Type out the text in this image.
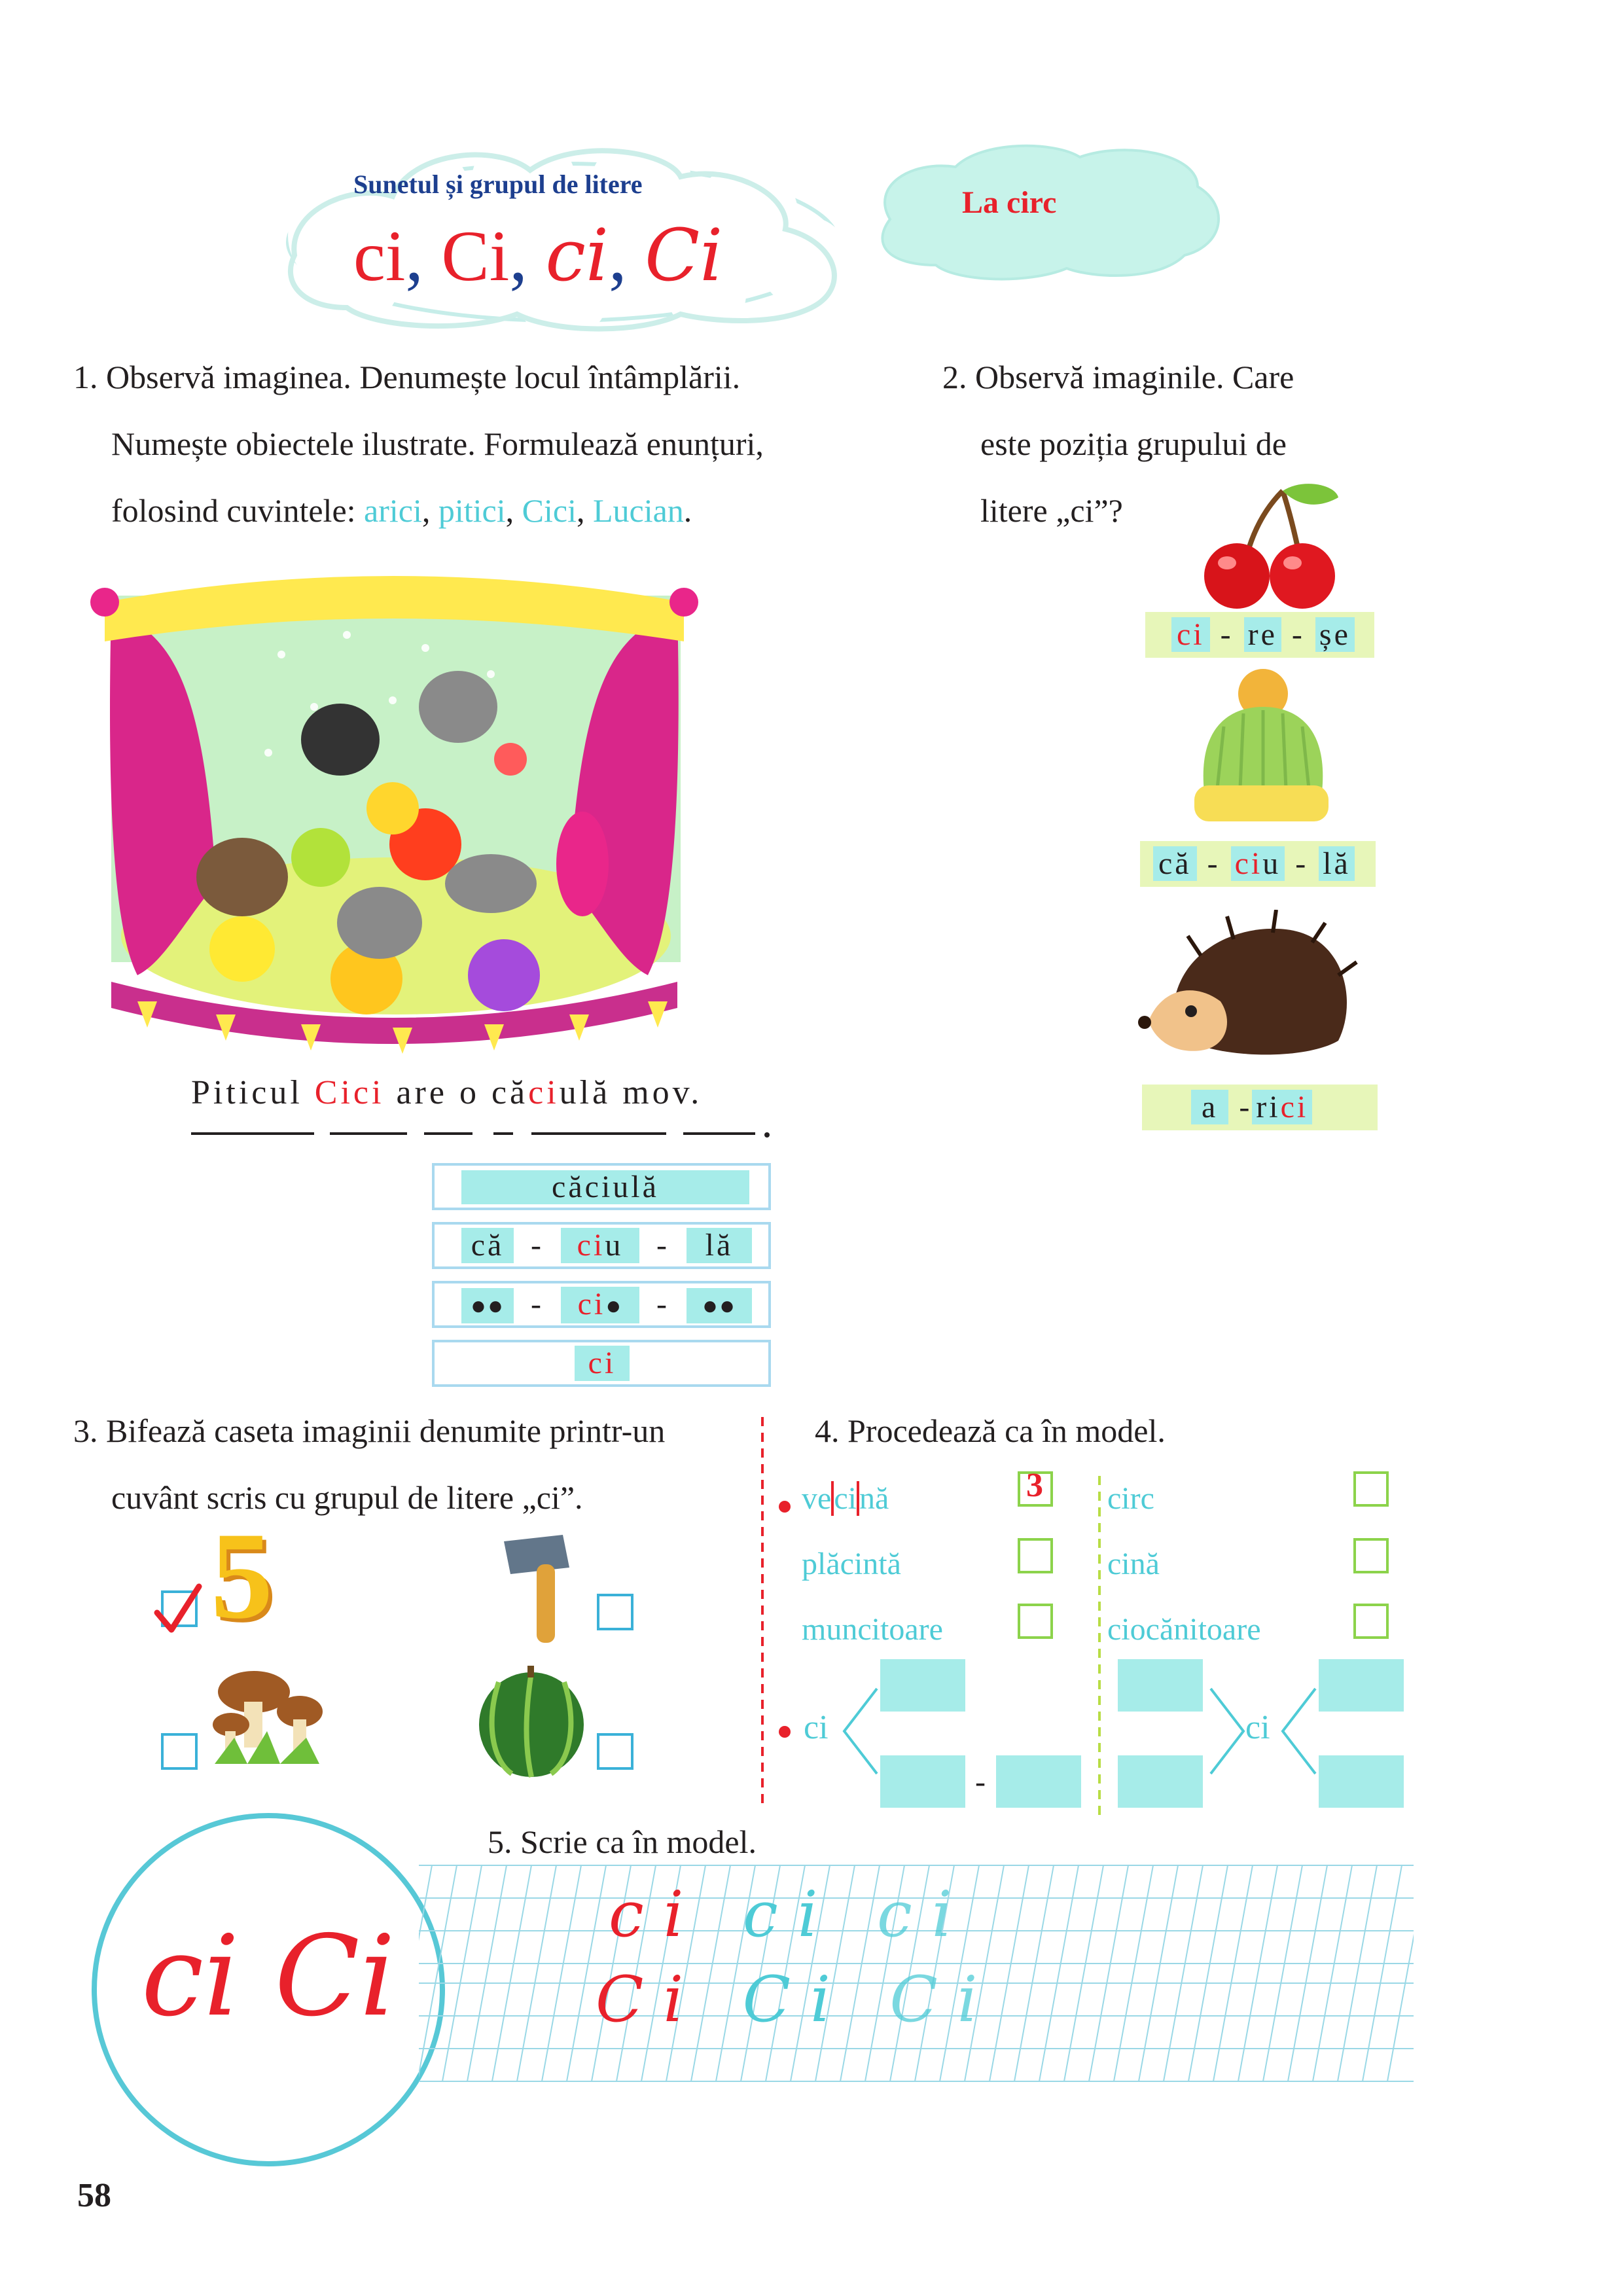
Sunetul și grupul de litere
ci, Ci, ci, Ci
La circ
1. Observă imaginea. Denumește locul întâmplării.
Numește obiectele ilustrate. Formulează enunțuri,
folosind cuvintele: arici, pitici, Cici, Lucian.
Piticul Cici are o căciulă mov.
căciulă
că - ciu - lă
●● - ci● - ●●
ci
2. Observă imaginile. Care
este poziția grupului de
litere „ci”?
ci - re - șe
că - ciu - lă
a - rici
3. Bifează caseta imaginii denumite printr-un
cuvânt scris cu grupul de litere „ci”.
5
4. Procedează ca în model.
vecină	3
plăcintă
muncitoare
circ
cină
ciocănitoare
ci
-
ci
5. Scrie ca în model.
ci Ci	ci ci ci
Ci Ci Ci
58
